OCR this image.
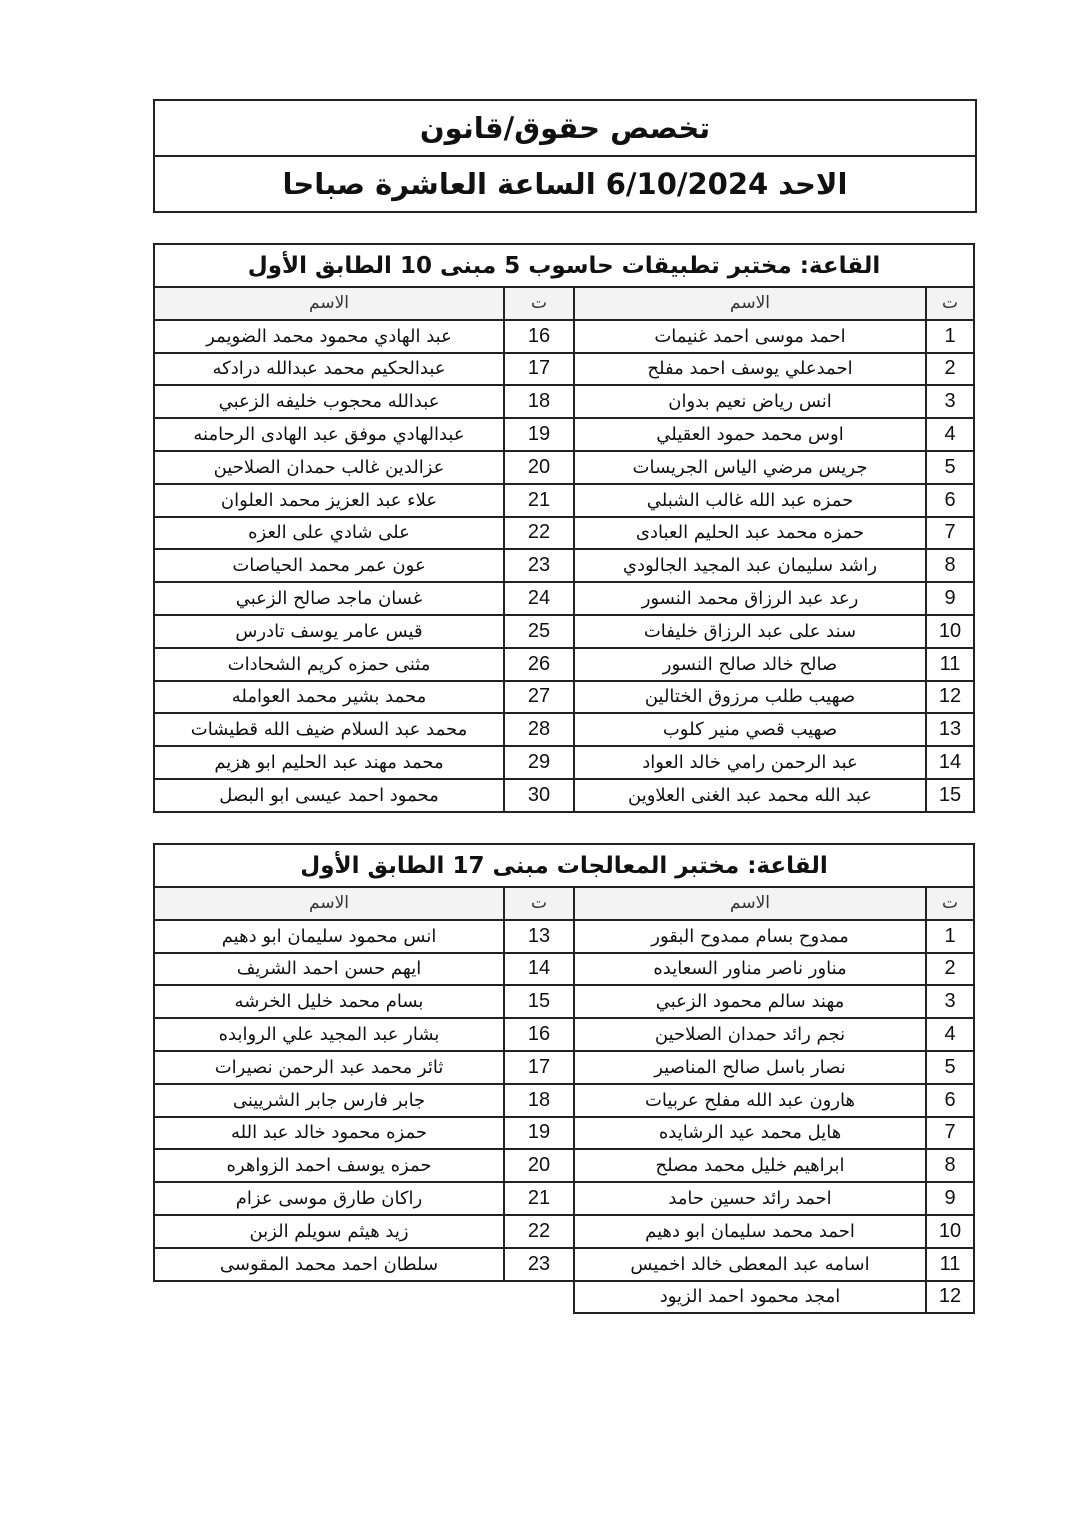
تخصص حقوق/قانون
الاحد 6/10/2024 الساعة العاشرة صباحا
القاعة: مختبر تطبيقات حاسوب 5 مبنى 10 الطابق الأول
ت
الاسم
ت
الاسم
1
احمد موسى احمد غنيمات
16
عبد الهادي محمود محمد الضويمر
2
احمدعلي يوسف احمد مفلح
17
عبدالحكيم محمد عبدالله درادكه
3
انس رياض نعيم بدوان
18
عبدالله محجوب خليفه الزعبي
4
اوس محمد حمود العقيلي
19
عبدالهادي موفق عبد الهادى الرحامنه
5
جريس مرضي الياس الجريسات
20
عزالدين غالب حمدان الصلاحين
6
حمزه عبد الله غالب الشبلي
21
علاء عبد العزيز محمد العلوان
7
حمزه محمد عبد الحليم العبادى
22
على شادي على العزه
8
راشد سليمان عبد المجيد الجالودي
23
عون عمر محمد الحياصات
9
رعد عبد الرزاق محمد النسور
24
غسان ماجد صالح الزعبي
10
سند على عبد الرزاق خليفات
25
قيس عامر يوسف تادرس
11
صالح خالد صالح النسور
26
مثنى حمزه كريم الشحادات
12
صهيب طلب مرزوق الختالين
27
محمد بشير محمد العوامله
13
صهيب قصي منير كلوب
28
محمد عبد السلام ضيف الله قطيشات
14
عبد الرحمن رامي خالد العواد
29
محمد مهند عبد الحليم ابو هزيم
15
عبد الله محمد عبد الغنى العلاوين
30
محمود احمد عيسى ابو البصل
القاعة: مختبر المعالجات مبنى 17 الطابق الأول
ت
الاسم
ت
الاسم
1
ممدوح بسام ممدوح البقور
13
انس محمود سليمان ابو دهيم
2
مناور ناصر مناور السعايده
14
ايهم حسن احمد الشريف
3
مهند سالم محمود الزعبي
15
بسام محمد خليل الخرشه
4
نجم رائد حمدان الصلاحين
16
بشار عبد المجيد علي الروابده
5
نصار باسل صالح المناصير
17
ثائر محمد عبد الرحمن نصيرات
6
هارون عبد الله مفلح عربيات
18
جابر فارس جابر الشريينى
7
هايل محمد عيد الرشايده
19
حمزه محمود خالد عبد الله
8
ابراهيم خليل محمد مصلح
20
حمزه يوسف احمد الزواهره
9
احمد رائد حسين حامد
21
راكان طارق موسى عزام
10
احمد محمد سليمان ابو دهيم
22
زيد هيثم سويلم الزبن
11
اسامه عبد المعطى خالد اخميس
23
سلطان احمد محمد المقوسى
12
امجد محمود احمد الزيود
